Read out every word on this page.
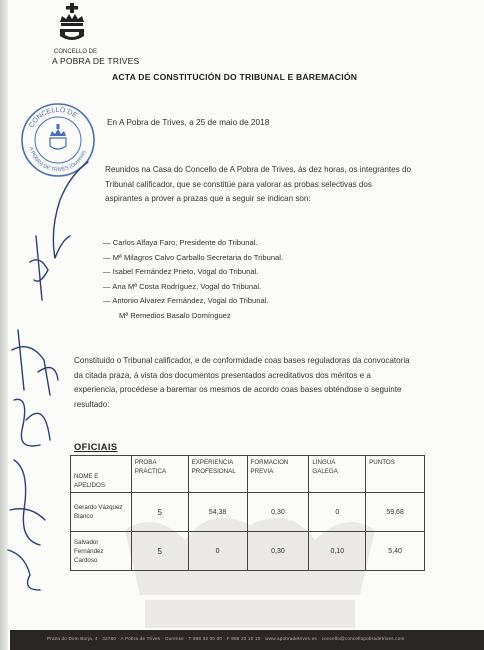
CONCELLO DE
A POBRA DE TRIVES
ACTA DE CONSTITUCIÓN DO TRIBUNAL E BAREMACIÓN
CONCELLO DE
A POBRA DE TRIVES (Ourense)
En A Pobra de Trives, a 25 de maio de 2018
Reunidos na Casa do Concello de A Pobra de Trives, ás dez horas, os integrantes do Tribunal calificador, que se constitúe para valorar as probas selectivas dos aspirantes a prover a prazas que a seguir se indican son:
— Carlos Alfaya Faro, Presidente do Tribunal.
— Mª Milagros Calvo Carballo Secretaria do Tribunal.
— Isabel Fernández Prieto, Vogal do Tribunal.
— Ana Mª Costa Rodríguez, Vogal do Tribunal.
— Antonio Alvarez Fernández, Vogal do Tribunal.
Mª Remedios Basalo Domínguez
Constituido o Tribunal calificador, e de conformidade coas bases reguladoras da convocatoria da citada praza, á vista dos documentos presentados acreditativos dos méritos e a experiencia, procédese a baremar os mesmos de acordo coas bases obténdose o seguinte resultado:
OFICIAIS
NOME E APELIDOS	PROBA PRACTICA	EXPERIENCIA PROFESIONAL	FORMACION PREVIA	LINGUA GALEGA	PUNTOS
Gerardo Vázquez Blanco	5	54,38	0,30	0	59,68
Salvador Fernández Cardoso	5	0	0,30	0,10	5,40
Praza do Dom Borja, 4 · 32780 · A Pobra de Trives · Ourense · T 988 33 00 00 · F 988 33 10 10 · www.apobradetrives.es · concello@concellopobradetrives.com
